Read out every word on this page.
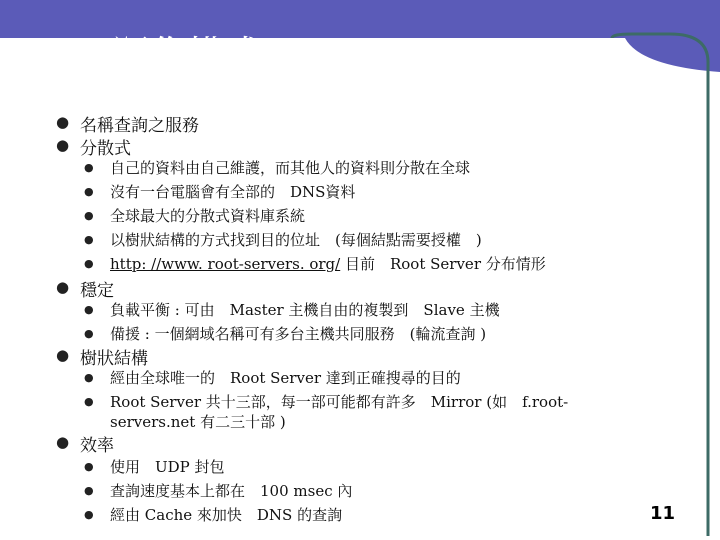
DNS 運作模式
● 名稱查詢之服務
● 分散式
● 自己的資料由自己維護，而其他人的資料則分散在全球
● 沒有一台電腦會有全部的　DNS資料
● 全球最大的分散式資料庫系統
● 以樹狀結構的方式找到目的位址　(每個結點需要授權　)
● http: //www. root-servers. org/ 目前　Root Server 分布情形
● 穩定
● 負載平衡 : 可由　Master 主機自由的複製到　Slave 主機
● 備援 : 一個網域名稱可有多台主機共同服務　(輪流查詢 )
● 樹狀結構
● 經由全球唯一的　Root Server 達到正確搜尋的目的
● Root Server 共十三部，每一部可能都有許多　Mirror (如　f.root-
servers.net 有二三十部 )
● 效率
● 使用　UDP 封包
● 查詢速度基本上都在　100 msec 內
● 經由 Cache 來加快　DNS 的查詢	11
